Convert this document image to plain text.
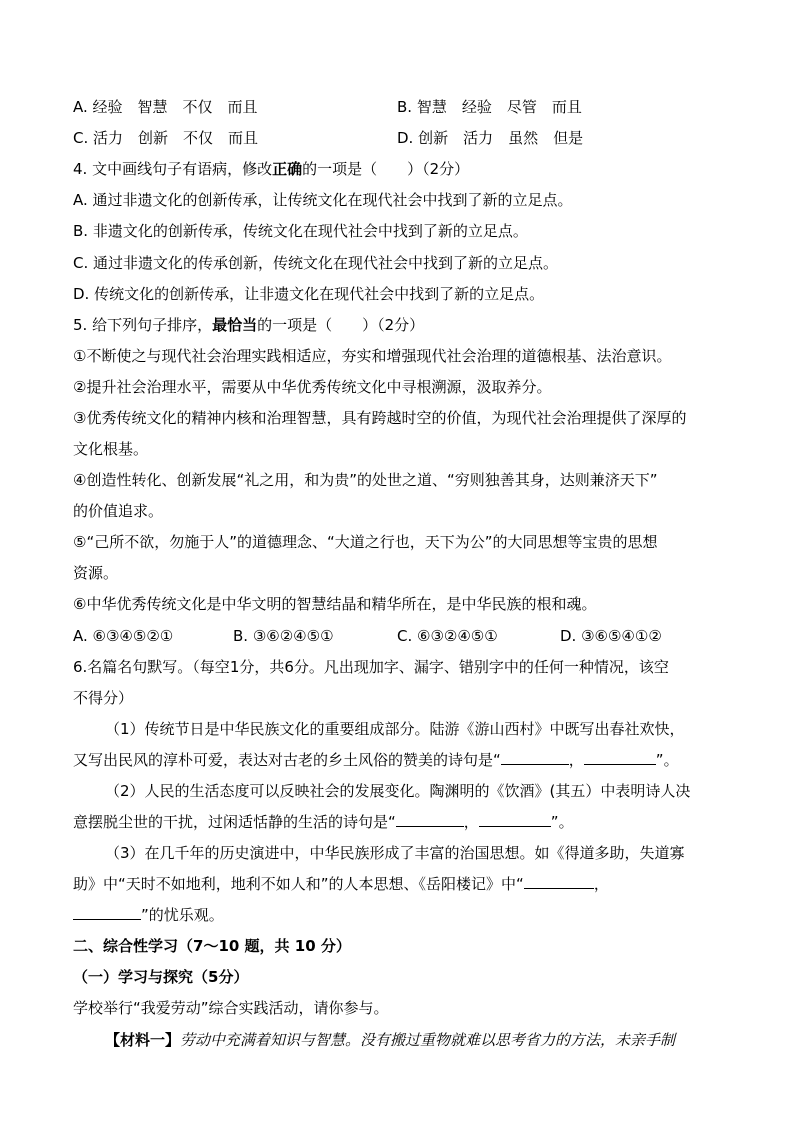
A. 经验　智慧　不仅　而且	B. 智慧　经验　尽管　而且
C. 活力　创新　不仅　而且	D. 创新　活力　虽然　但是
4. 文中画线句子有语病，修改正确的一项是（　　）（2分）
A. 通过非遗文化的创新传承，让传统文化在现代社会中找到了新的立足点。
B. 非遗文化的创新传承，传统文化在现代社会中找到了新的立足点。
C. 通过非遗文化的传承创新，传统文化在现代社会中找到了新的立足点。
D. 传统文化的创新传承，让非遗文化在现代社会中找到了新的立足点。
5. 给下列句子排序，最恰当的一项是（　　）（2分）
①不断使之与现代社会治理实践相适应，夯实和增强现代社会治理的道德根基、法治意识。
②提升社会治理水平，需要从中华优秀传统文化中寻根溯源，汲取养分。
③优秀传统文化的精神内核和治理智慧，具有跨越时空的价值，为现代社会治理提供了深厚的
文化根基。
④创造性转化、创新发展“礼之用，和为贵”的处世之道、“穷则独善其身，达则兼济天下”
的价值追求。
⑤“己所不欲，勿施于人”的道德理念、“大道之行也，天下为公”的大同思想等宝贵的思想
资源。
⑥中华优秀传统文化是中华文明的智慧结晶和精华所在，是中华民族的根和魂。
A. ⑥③④⑤②①	B. ③⑥②④⑤①	C. ⑥③②④⑤①	D. ③⑥⑤④①②
6.名篇名句默写。（每空1分，共6分。凡出现加字、漏字、错别字中的任何一种情况，该空
不得分）
（1）传统节日是中华民族文化的重要组成部分。陆游《游山西村》中既写出春社欢快，
又写出民风的淳朴可爱，表达对古老的乡土风俗的赞美的诗句是“	，	”。
（2）人民的生活态度可以反映社会的发展变化。陶渊明的《饮酒》(其五）中表明诗人决
意摆脱尘世的干扰，过闲适恬静的生活的诗句是“	，	”。
（3）在几千年的历史演进中，中华民族形成了丰富的治国思想。如《得道多助，失道寡
助》中“天时不如地利，地利不如人和”的人本思想、《岳阳楼记》中“	，
”的忧乐观。
二、综合性学习（7～10 题，共 10 分）
（一）学习与探究（5分）
学校举行“我爱劳动”综合实践活动，请你参与。
【材料一】劳动中充满着知识与智慧。没有搬过重物就难以思考省力的方法，未亲手制
